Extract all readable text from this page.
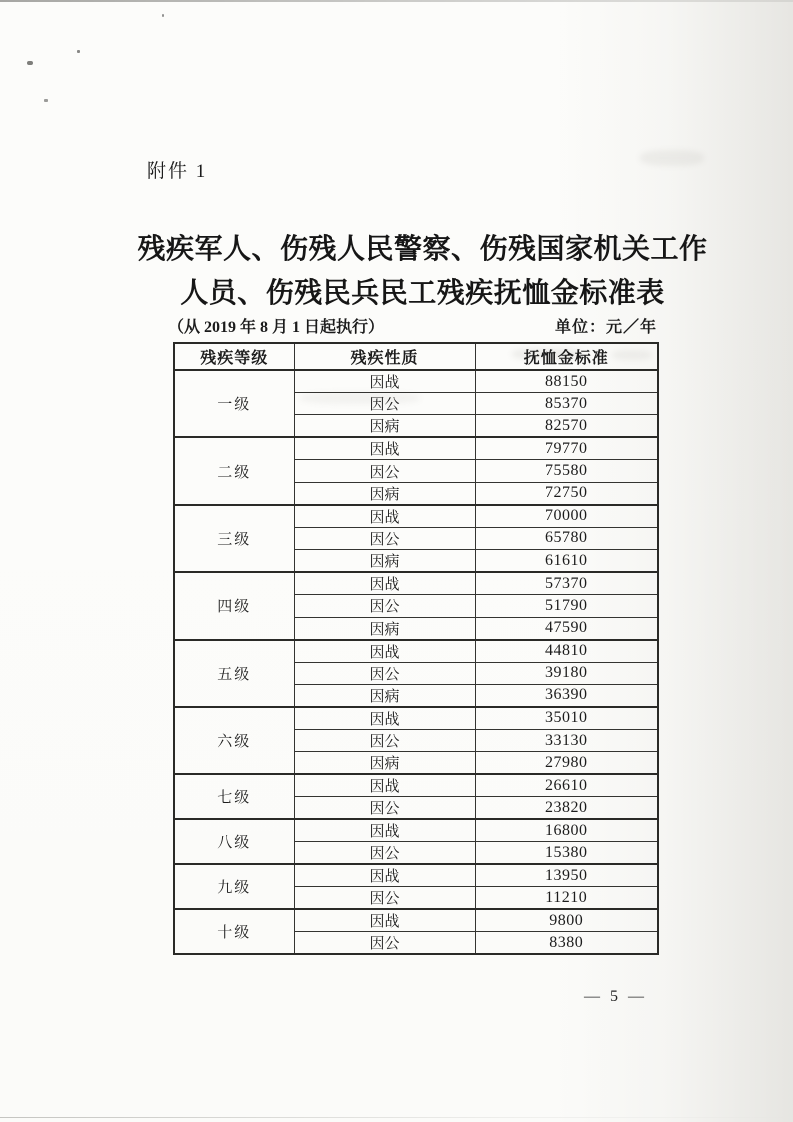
附件 1
残疾军人、伤残人民警察、伤残国家机关工作
人员、伤残民兵民工残疾抚恤金标准表
（从 2019 年 8 月 1 日起执行）	单位：元／年
残疾等级	残疾性质	抚恤金标准
一级	因战	88150
	因公	85370
	因病	82570
二级	因战	79770
	因公	75580
	因病	72750
三级	因战	70000
	因公	65780
	因病	61610
四级	因战	57370
	因公	51790
	因病	47590
五级	因战	44810
	因公	39180
	因病	36390
六级	因战	35010
	因公	33130
	因病	27980
七级	因战	26610
	因公	23820
八级	因战	16800
	因公	15380
九级	因战	13950
	因公	11210
十级	因战	9800
	因公	8380
— 5 —
